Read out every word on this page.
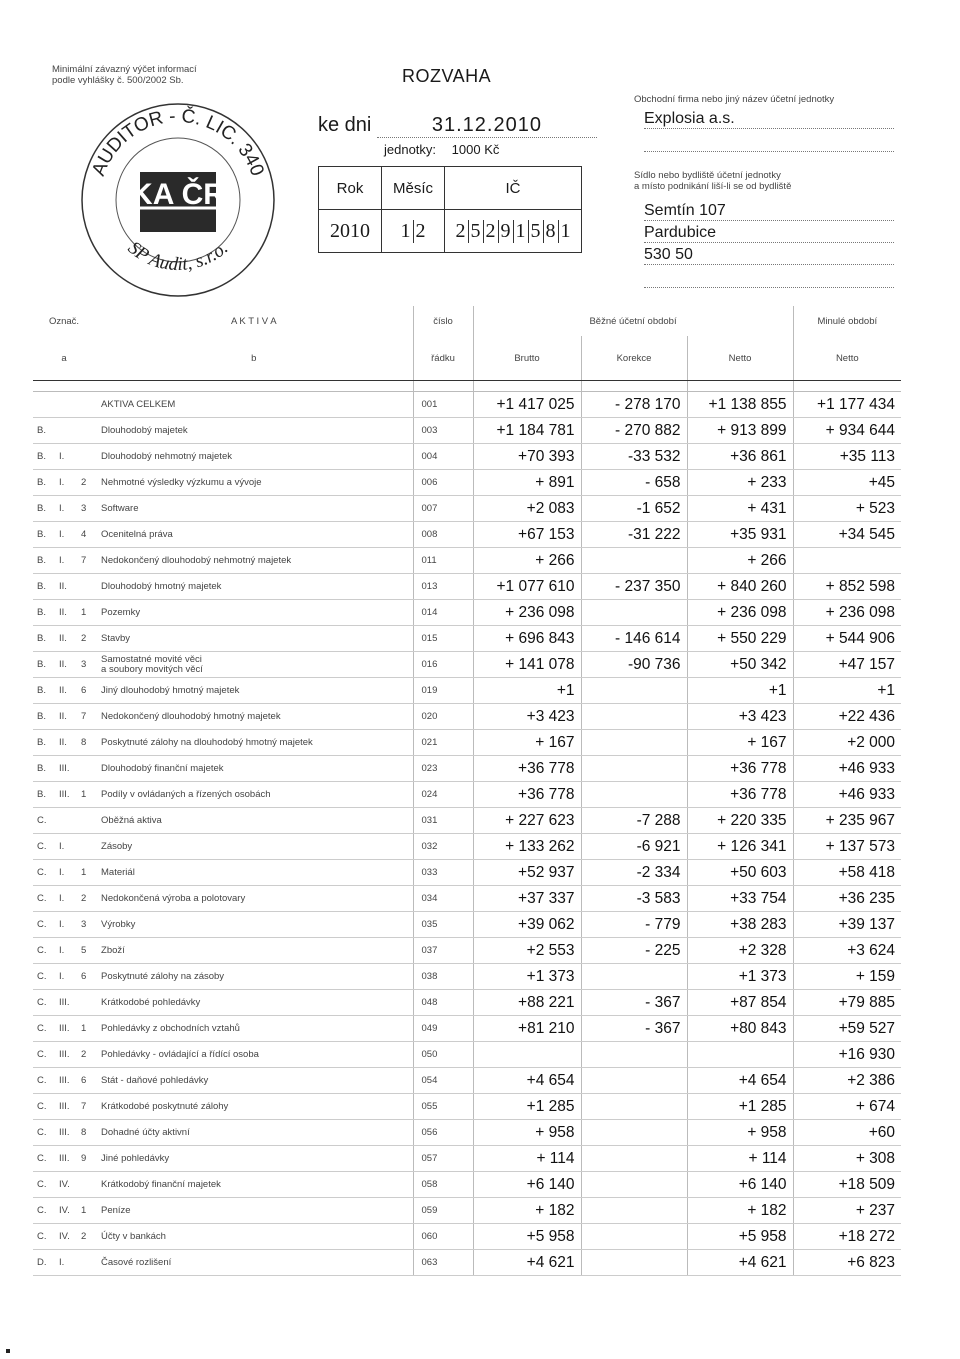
Minimální závazný výčet informací
podle vyhlášky č. 500/2002 Sb.
AUDITOR - Č. LIC. 340
SP Audit, s.r.o.
KA ČR
ROZVAHA
ke dni	31.12.2010
jednotky: 1000 Kč
Rok	Měsíc	IČ
2010	1 2	2 5 2 9 1 5 8 1
Obchodní firma nebo jiný název účetní jednotky
Explosia a.s.
Sídlo nebo bydliště účetní jednotky
a místo podnikání liší-li se od bydliště
Semtín 107
Pardubice
530 50
Označ.			A K T I V A	číslo	Běžné účetní období			Minulé období
a			b	řádku	Brutto	Korekce	Netto	Netto

			AKTIVA CELKEM	001	+1 417 025	- 278 170	+1 138 855	+1 177 434
B.			Dlouhodobý majetek	003	+1 184 781	- 270 882	+ 913 899	+ 934 644
B.	I.		Dlouhodobý nehmotný majetek	004	+70 393	-33 532	+36 861	+35 113
B.	I.	2	Nehmotné výsledky výzkumu a vývoje	006	+ 891	- 658	+ 233	+45
B.	I.	3	Software	007	+2 083	-1 652	+ 431	+ 523
B.	I.	4	Ocenitelná práva	008	+67 153	-31 222	+35 931	+34 545
B.	I.	7	Nedokončený dlouhodobý nehmotný majetek	011	+ 266		+ 266	
B.	II.		Dlouhodobý hmotný majetek	013	+1 077 610	- 237 350	+ 840 260	+ 852 598
B.	II.	1	Pozemky	014	+ 236 098		+ 236 098	+ 236 098
B.	II.	2	Stavby	015	+ 696 843	- 146 614	+ 550 229	+ 544 906
B.	II.	3	Samostatné movité věci
a soubory movitých věcí	016	+ 141 078	-90 736	+50 342	+47 157
B.	II.	6	Jiný dlouhodobý hmotný majetek	019	+1		+1	+1
B.	II.	7	Nedokončený dlouhodobý hmotný majetek	020	+3 423		+3 423	+22 436
B.	II.	8	Poskytnuté zálohy na dlouhodobý hmotný majetek	021	+ 167		+ 167	+2 000
B.	III.		Dlouhodobý finanční majetek	023	+36 778		+36 778	+46 933
B.	III.	1	Podíly v ovládaných a řízených osobách	024	+36 778		+36 778	+46 933
C.			Oběžná aktiva	031	+ 227 623	-7 288	+ 220 335	+ 235 967
C.	I.		Zásoby	032	+ 133 262	-6 921	+ 126 341	+ 137 573
C.	I.	1	Materiál	033	+52 937	-2 334	+50 603	+58 418
C.	I.	2	Nedokončená výroba a polotovary	034	+37 337	-3 583	+33 754	+36 235
C.	I.	3	Výrobky	035	+39 062	- 779	+38 283	+39 137
C.	I.	5	Zboží	037	+2 553	- 225	+2 328	+3 624
C.	I.	6	Poskytnuté zálohy na zásoby	038	+1 373		+1 373	+ 159
C.	III.		Krátkodobé pohledávky	048	+88 221	- 367	+87 854	+79 885
C.	III.	1	Pohledávky z obchodních vztahů	049	+81 210	- 367	+80 843	+59 527
C.	III.	2	Pohledávky - ovládající a řídící osoba	050				+16 930
C.	III.	6	Stát - daňové pohledávky	054	+4 654		+4 654	+2 386
C.	III.	7	Krátkodobé poskytnuté zálohy	055	+1 285		+1 285	+ 674
C.	III.	8	Dohadné účty aktivní	056	+ 958		+ 958	+60
C.	III.	9	Jiné pohledávky	057	+ 114		+ 114	+ 308
C.	IV.		Krátkodobý finanční majetek	058	+6 140		+6 140	+18 509
C.	IV.	1	Peníze	059	+ 182		+ 182	+ 237
C.	IV.	2	Účty v bankách	060	+5 958		+5 958	+18 272
D.	I.		Časové rozlišení	063	+4 621		+4 621	+6 823
